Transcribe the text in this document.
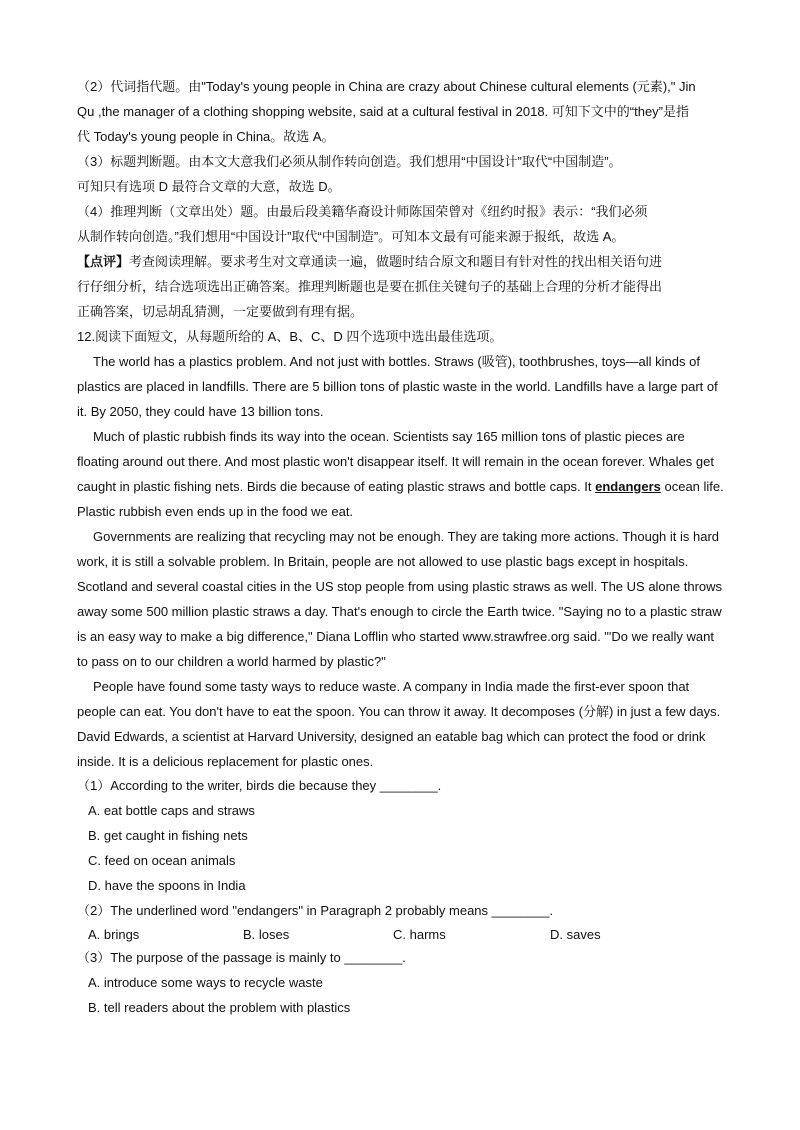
（2）代词指代题。由"Today's young people in China are crazy about Chinese cultural elements (元素)," Jin
Qu ,the manager of a clothing shopping website, said at a cultural festival in 2018. 可知下文中的“they”是指
代 Today's young people in China。故选 A。
（3）标题判断题。由本文大意我们必须从制作转向创造。我们想用“中国设计”取代“中国制造”。
可知只有选项 D 最符合文章的大意，故选 D。
（4）推理判断（文章出处）题。由最后段美籍华裔设计师陈国荣曾对《纽约时报》表示：“我们必须
从制作转向创造。”我们想用“中国设计”取代“中国制造”。可知本文最有可能来源于报纸，故选 A。
【点评】考查阅读理解。要求考生对文章通读一遍，做题时结合原文和题目有针对性的找出相关语句进
行仔细分析，结合选项选出正确答案。推理判断题也是要在抓住关键句子的基础上合理的分析才能得出
正确答案，切忌胡乱猜测，一定要做到有理有据。
12.阅读下面短文，从每题所给的 A、B、C、D 四个选项中选出最佳选项。
The world has a plastics problem. And not just with bottles. Straws (吸管), toothbrushes, toys—all kinds of
plastics are placed in landfills. There are 5 billion tons of plastic waste in the world. Landfills have a large part of
it. By 2050, they could have 13 billion tons.
Much of plastic rubbish finds its way into the ocean. Scientists say 165 million tons of plastic pieces are
floating around out there. And most plastic won't disappear itself. It will remain in the ocean forever. Whales get
caught in plastic fishing nets. Birds die because of eating plastic straws and bottle caps. It endangers ocean life.
Plastic rubbish even ends up in the food we eat.
Governments are realizing that recycling may not be enough. They are taking more actions. Though it is hard
work, it is still a solvable problem. In Britain, people are not allowed to use plastic bags except in hospitals.
Scotland and several coastal cities in the US stop people from using plastic straws as well. The US alone throws
away some 500 million plastic straws a day. That's enough to circle the Earth twice. "Saying no to a plastic straw
is an easy way to make a big difference," Diana Lofflin who started www.strawfree.org said. "'Do we really want
to pass on to our children a world harmed by plastic?"
People have found some tasty ways to reduce waste. A company in India made the first-ever spoon that
people can eat. You don't have to eat the spoon. You can throw it away. It decomposes (分解) in just a few days.
David Edwards, a scientist at Harvard University, designed an eatable bag which can protect the food or drink
inside. It is a delicious replacement for plastic ones.
（1）According to the writer, birds die because they ________.
A. eat bottle caps and straws
B. get caught in fishing nets
C. feed on ocean animals
D. have the spoons in India
（2）The underlined word "endangers" in Paragraph 2 probably means ________.
A. brings	B. loses	C. harms	D. saves
（3）The purpose of the passage is mainly to ________.
A. introduce some ways to recycle waste
B. tell readers about the problem with plastics
